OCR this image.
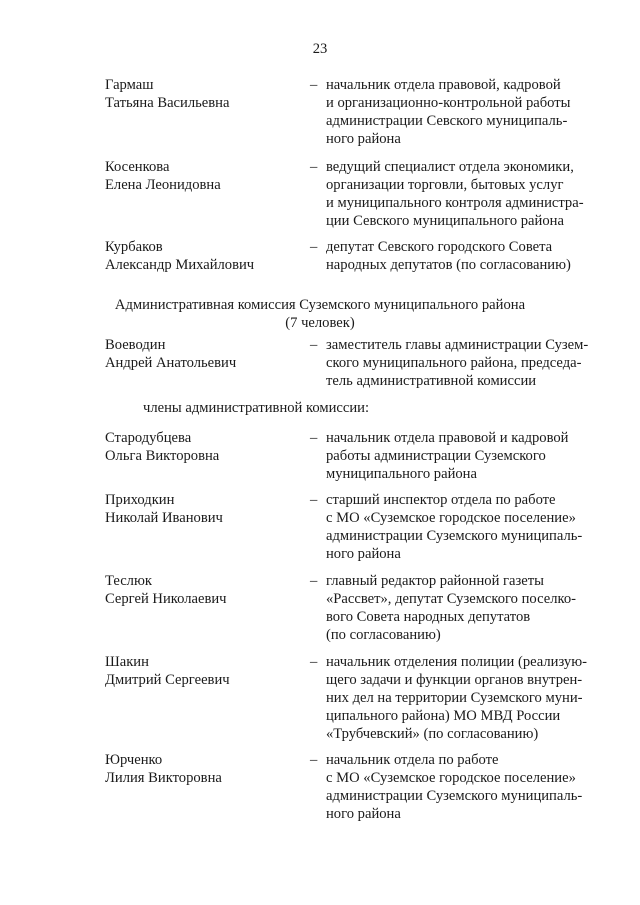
23
Гармаш
Татьяна Васильевна
– начальник отдела правовой, кадровой
и организационно-контрольной работы
администрации Севского муниципаль-
ного района
Косенкова
Елена Леонидовна
– ведущий специалист отдела экономики,
организации торговли, бытовых услуг
и муниципального контроля администра-
ции Севского муниципального района
Курбаков
Александр Михайлович
– депутат Севского городского Совета
народных депутатов (по согласованию)
Административная комиссия Суземского муниципального района
(7 человек)
Воеводин
Андрей Анатольевич
– заместитель главы администрации Сузем-
ского муниципального района, председа-
тель административной комиссии
члены административной комиссии:
Стародубцева
Ольга Викторовна
– начальник отдела правовой и кадровой
работы администрации Суземского
муниципального района
Приходкин
Николай Иванович
– старший инспектор отдела по работе
с МО «Суземское городское поселение»
администрации Суземского муниципаль-
ного района
Теслюк
Сергей Николаевич
– главный редактор районной газеты
«Рассвет», депутат Суземского поселко-
вого Совета народных депутатов
(по согласованию)
Шакин
Дмитрий Сергеевич
– начальник отделения полиции (реализую-
щего задачи и функции органов внутрен-
них дел на территории Суземского муни-
ципального района) МО МВД России
«Трубчевский» (по согласованию)
Юрченко
Лилия Викторовна
– начальник отдела по работе
с МО «Суземское городское поселение»
администрации Суземского муниципаль-
ного района
